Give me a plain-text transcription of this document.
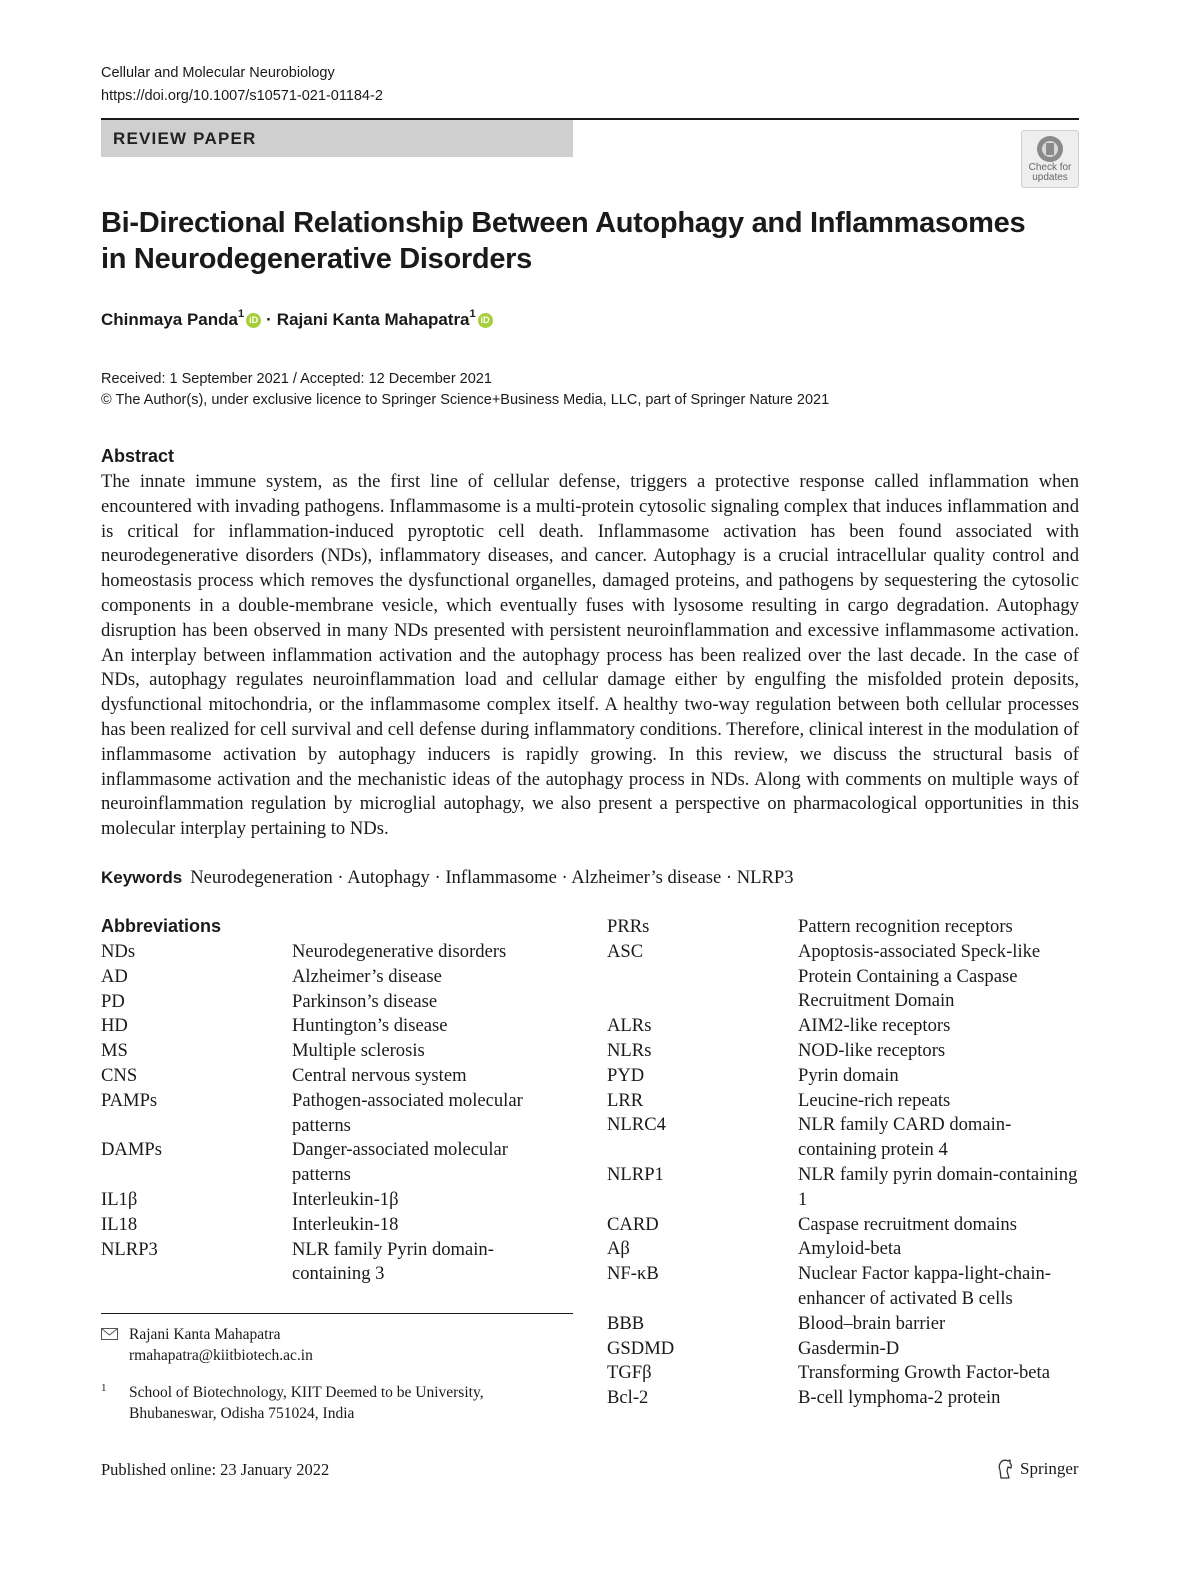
Cellular and Molecular Neurobiology
https://doi.org/10.1007/s10571-021-01184-2
REVIEW PAPER
Check for
updates
Bi-Directional Relationship Between Autophagy and Inflammasomes
in Neurodegenerative Disorders
Chinmaya Panda$^1$ iD · Rajani Kanta Mahapatra$^1$ iD
Received: 1 September 2021 / Accepted: 12 December 2021
© The Author(s), under exclusive licence to Springer Science+Business Media, LLC, part of Springer Nature 2021
Abstract

The innate immune system, as the first line of cellular defense, triggers a protective response called inflammation when encountered with invading pathogens. Inflammasome is a multi-protein cytosolic signaling complex that induces inflammation and is critical for inflammation-induced pyroptotic cell death. Inflammasome activation has been found associated with neurodegenerative disorders (NDs), inflammatory diseases, and cancer. Autophagy is a crucial intracellular quality control and homeostasis process which removes the dysfunctional organelles, damaged proteins, and pathogens by sequestering the cytosolic components in a double-membrane vesicle, which eventually fuses with lysosome resulting in cargo degradation. Autophagy disruption has been observed in many NDs presented with persistent neuroinflammation and excessive inflammasome activation. An interplay between inflammation activation and the autophagy process has been realized over the last decade. In the case of NDs, autophagy regulates neuroinflammation load and cellular damage either by engulfing the misfolded protein deposits, dysfunctional mitochondria, or the inflammasome complex itself. A healthy two-way regulation between both cellular processes has been realized for cell survival and cell defense during inflammatory conditions. Therefore, clinical interest in the modulation of inflammasome activation by autophagy inducers is rapidly growing. In this review, we discuss the structural basis of inflammasome activation and the mechanistic ideas of the autophagy process in NDs. Along with comments on multiple ways of neuroinflammation regulation by microglial autophagy, we also present a perspective on pharmacological opportunities in this molecular interplay pertaining to NDs.

Keywords Neurodegeneration · Autophagy · Inflammasome · Alzheimer’s disease · NLRP3
Abbreviations
NDs	Neurodegenerative disorders
AD	Alzheimer’s disease
PD	Parkinson’s disease
HD	Huntington’s disease
MS	Multiple sclerosis
CNS	Central nervous system
PAMPs	Pathogen-associated molecular patterns
DAMPs	Danger-associated molecular patterns
IL1β	Interleukin-1β
IL18	Interleukin-18
NLRP3	NLR family Pyrin domain-containing 3
PRRs	Pattern recognition receptors
ASC	Apoptosis-associated Speck-like Protein Containing a Caspase Recruitment Domain
ALRs	AIM2-like receptors
NLRs	NOD-like receptors
PYD	Pyrin domain
LRR	Leucine-rich repeats
NLRC4	NLR family CARD domain-containing protein 4
NLRP1	NLR family pyrin domain-containing 1
CARD	Caspase recruitment domains
Aβ	Amyloid-beta
NF-κB	Nuclear Factor kappa-light-chain-enhancer of activated B cells
BBB	Blood–brain barrier
GSDMD	Gasdermin-D
TGFβ	Transforming Growth Factor-beta
Bcl-2	B-cell lymphoma-2 protein
Rajani Kanta Mahapatra
rmahapatra@kiitbiotech.ac.in
1 School of Biotechnology, KIIT Deemed to be University, Bhubaneswar, Odisha 751024, India
Published online: 23 January 2022	Springer
